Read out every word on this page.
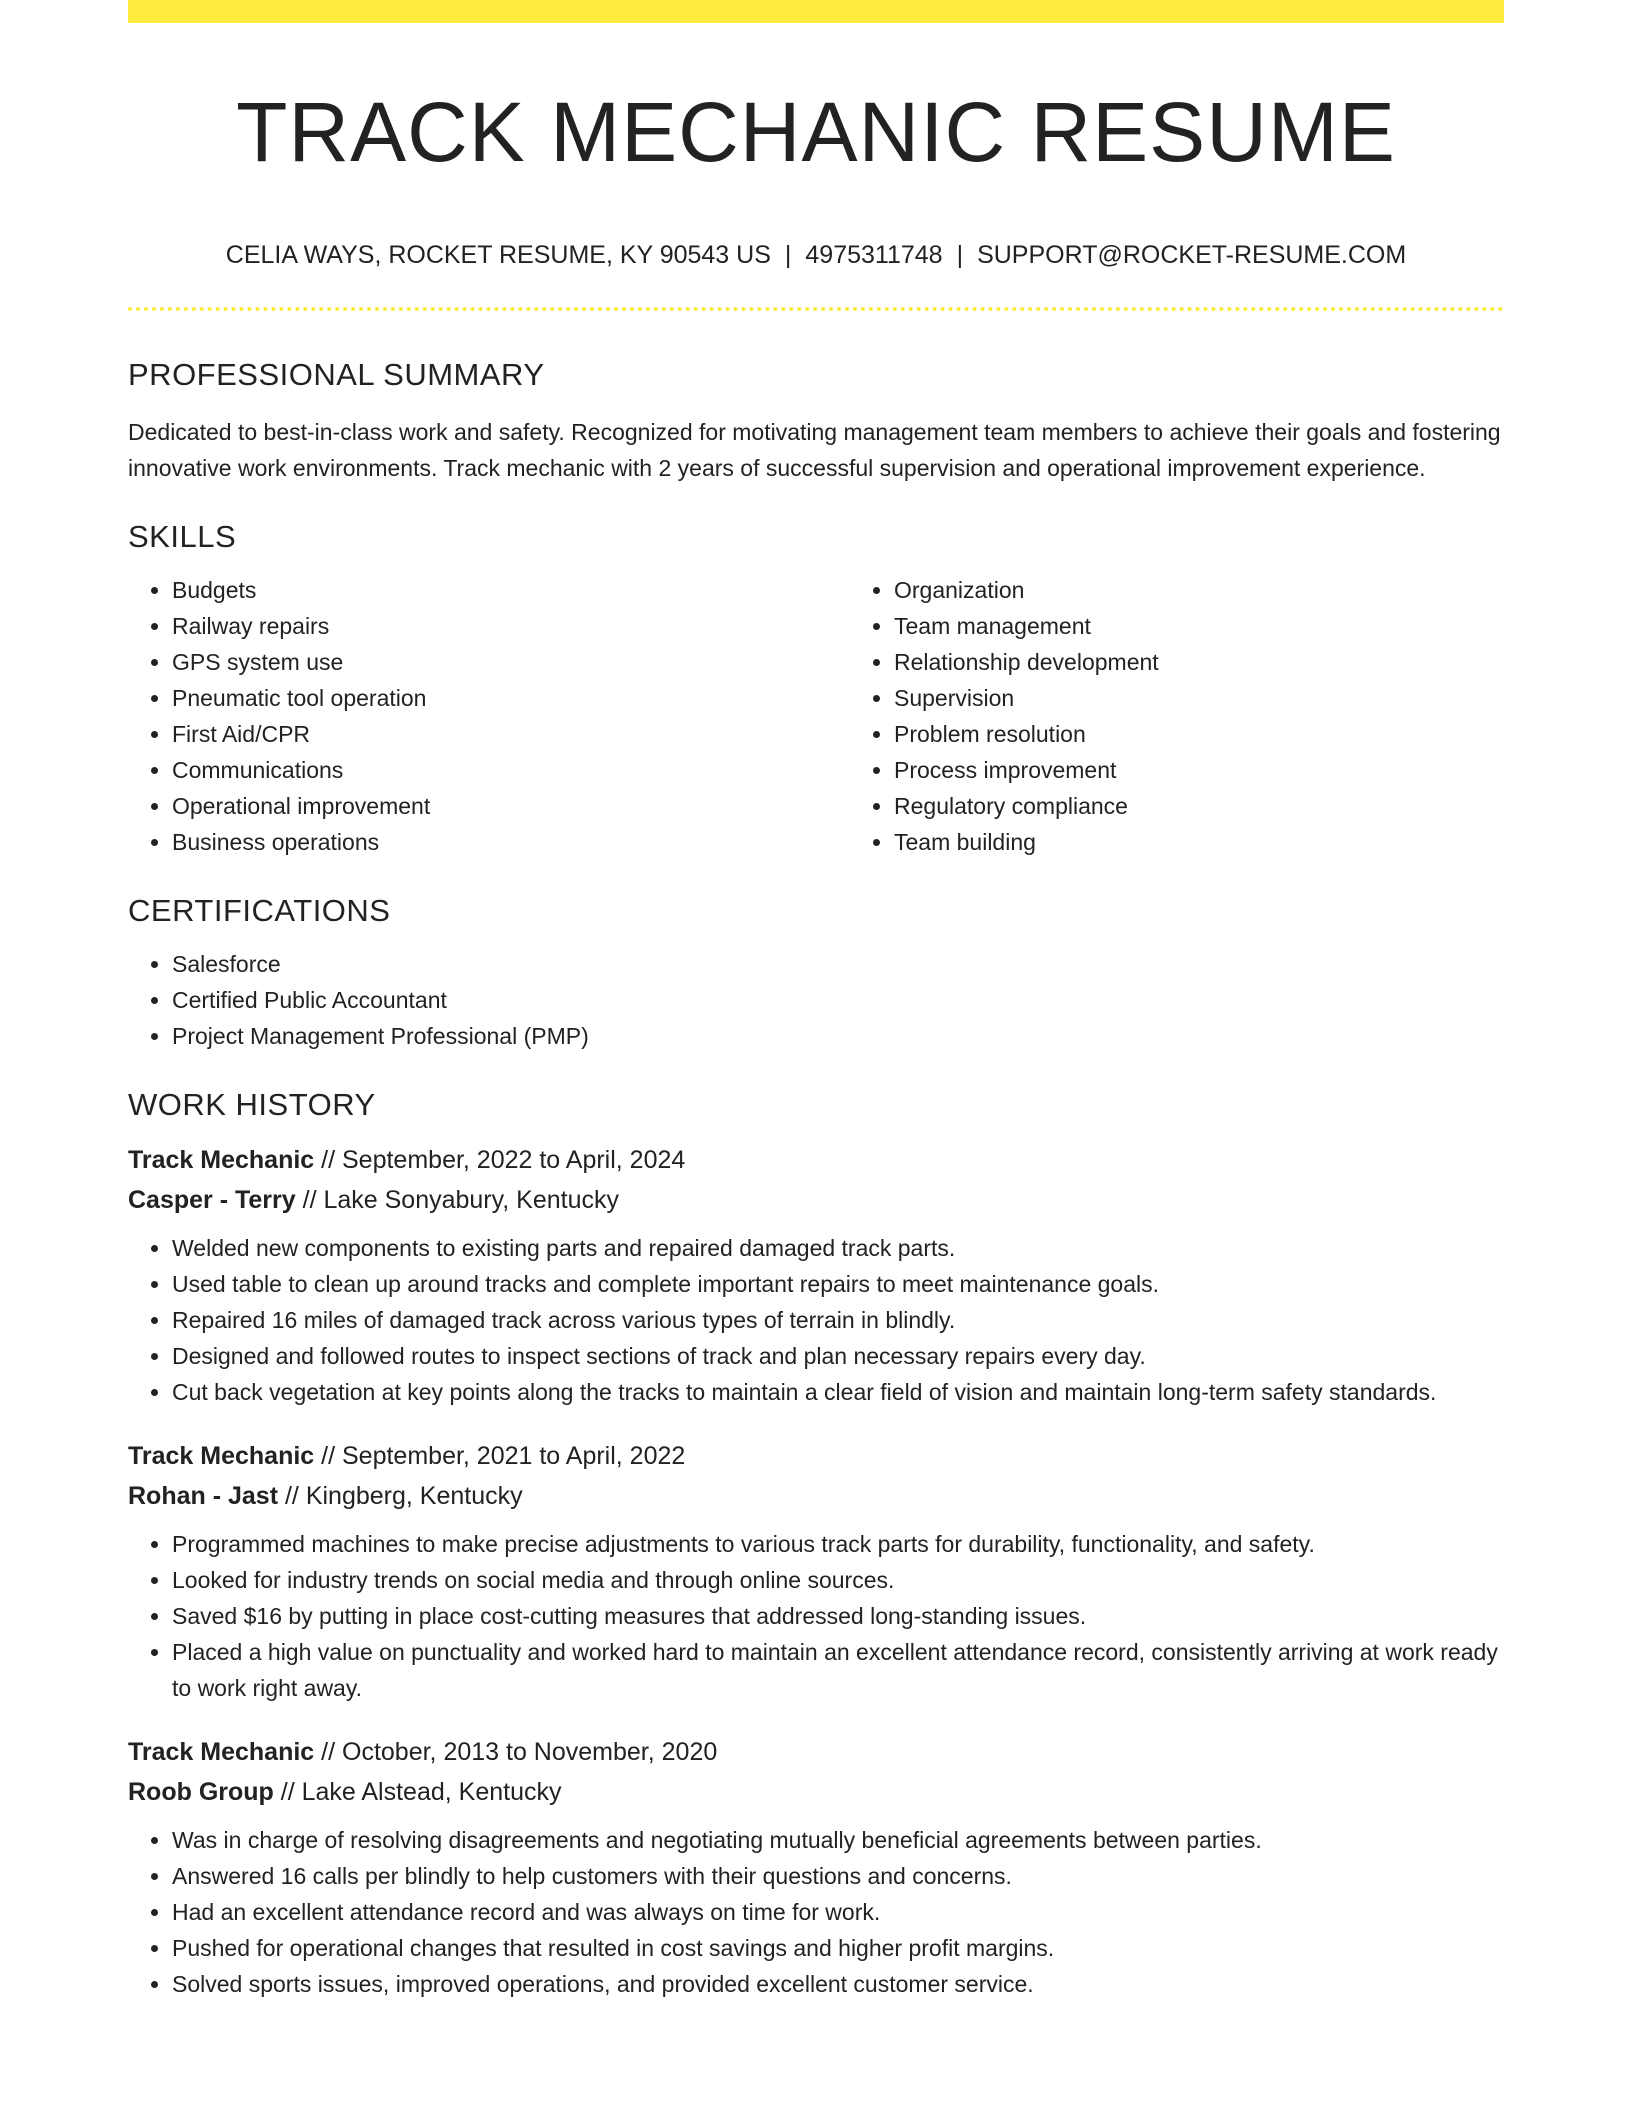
TRACK MECHANIC RESUME
CELIA WAYS, ROCKET RESUME, KY 90543 US | 4975311748 | SUPPORT@ROCKET-RESUME.COM
PROFESSIONAL SUMMARY

Dedicated to best-in-class work and safety. Recognized for motivating management team members to achieve their goals and fostering innovative work environments. Track mechanic with 2 years of successful supervision and operational improvement experience.

SKILLS
• Budgets
• Railway repairs
• GPS system use
• Pneumatic tool operation
• First Aid/CPR
• Communications
• Operational improvement
• Business operations
• Organization
• Team management
• Relationship development
• Supervision
• Problem resolution
• Process improvement
• Regulatory compliance
• Team building
CERTIFICATIONS
• Salesforce
• Certified Public Accountant
• Project Management Professional (PMP)
WORK HISTORY
Track Mechanic // September, 2022 to April, 2024
Casper - Terry // Lake Sonyabury, Kentucky
• Welded new components to existing parts and repaired damaged track parts.
• Used table to clean up around tracks and complete important repairs to meet maintenance goals.
• Repaired 16 miles of damaged track across various types of terrain in blindly.
• Designed and followed routes to inspect sections of track and plan necessary repairs every day.
• Cut back vegetation at key points along the tracks to maintain a clear field of vision and maintain long-term safety standards.
Track Mechanic // September, 2021 to April, 2022
Rohan - Jast // Kingberg, Kentucky
• Programmed machines to make precise adjustments to various track parts for durability, functionality, and safety.
• Looked for industry trends on social media and through online sources.
• Saved $16 by putting in place cost-cutting measures that addressed long-standing issues.
• Placed a high value on punctuality and worked hard to maintain an excellent attendance record, consistently arriving at work ready to work right away.
Track Mechanic // October, 2013 to November, 2020
Roob Group // Lake Alstead, Kentucky
• Was in charge of resolving disagreements and negotiating mutually beneficial agreements between parties.
• Answered 16 calls per blindly to help customers with their questions and concerns.
• Had an excellent attendance record and was always on time for work.
• Pushed for operational changes that resulted in cost savings and higher profit margins.
• Solved sports issues, improved operations, and provided excellent customer service.
